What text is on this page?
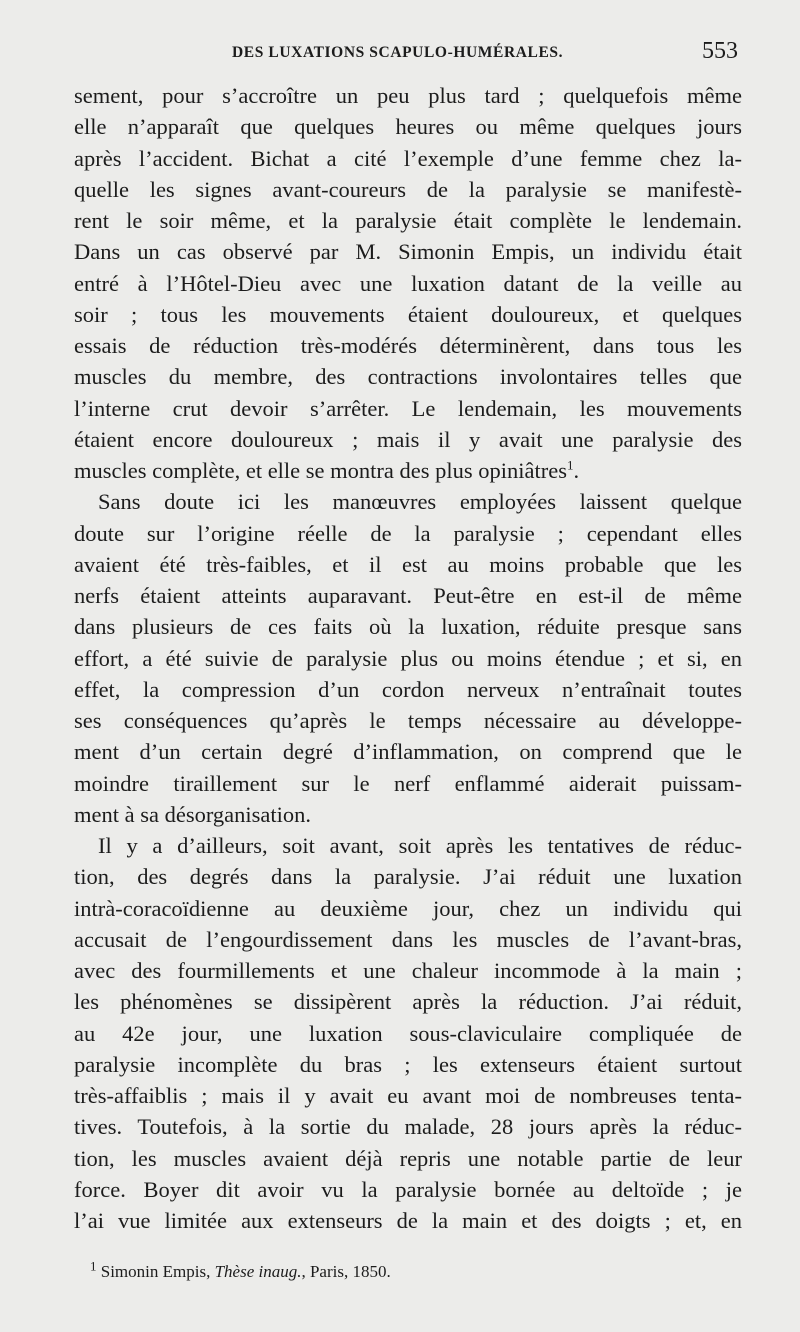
DES LUXATIONS SCAPULO-HUMÉRALES.	553
sement, pour s’accroître un peu plus tard ; quelquefois même
elle n’apparaît que quelques heures ou même quelques jours
après l’accident. Bichat a cité l’exemple d’une femme chez la-
quelle les signes avant-coureurs de la paralysie se manifestè-
rent le soir même, et la paralysie était complète le lendemain.
Dans un cas observé par M. Simonin Empis, un individu était
entré à l’Hôtel-Dieu avec une luxation datant de la veille au
soir ; tous les mouvements étaient douloureux, et quelques
essais de réduction très-modérés déterminèrent, dans tous les
muscles du membre, des contractions involontaires telles que
l’interne crut devoir s’arrêter. Le lendemain, les mouvements
étaient encore douloureux ; mais il y avait une paralysie des
muscles complète, et elle se montra des plus opiniâtres$^1$.
Sans doute ici les manœuvres employées laissent quelque
doute sur l’origine réelle de la paralysie ; cependant elles
avaient été très-faibles, et il est au moins probable que les
nerfs étaient atteints auparavant. Peut-être en est-il de même
dans plusieurs de ces faits où la luxation, réduite presque sans
effort, a été suivie de paralysie plus ou moins étendue ; et si, en
effet, la compression d’un cordon nerveux n’entraînait toutes
ses conséquences qu’après le temps nécessaire au développe-
ment d’un certain degré d’inflammation, on comprend que le
moindre tiraillement sur le nerf enflammé aiderait puissam-
ment à sa désorganisation.
Il y a d’ailleurs, soit avant, soit après les tentatives de réduc-
tion, des degrés dans la paralysie. J’ai réduit une luxation
intrà-coracoïdienne au deuxième jour, chez un individu qui
accusait de l’engourdissement dans les muscles de l’avant-bras,
avec des fourmillements et une chaleur incommode à la main ;
les phénomènes se dissipèrent après la réduction. J’ai réduit,
au 42e jour, une luxation sous-claviculaire compliquée de
paralysie incomplète du bras ; les extenseurs étaient surtout
très-affaiblis ; mais il y avait eu avant moi de nombreuses tenta-
tives. Toutefois, à la sortie du malade, 28 jours après la réduc-
tion, les muscles avaient déjà repris une notable partie de leur
force. Boyer dit avoir vu la paralysie bornée au deltoïde ; je
l’ai vue limitée aux extenseurs de la main et des doigts ; et, en
$^1$ Simonin Empis, Thèse inaug., Paris, 1850.
